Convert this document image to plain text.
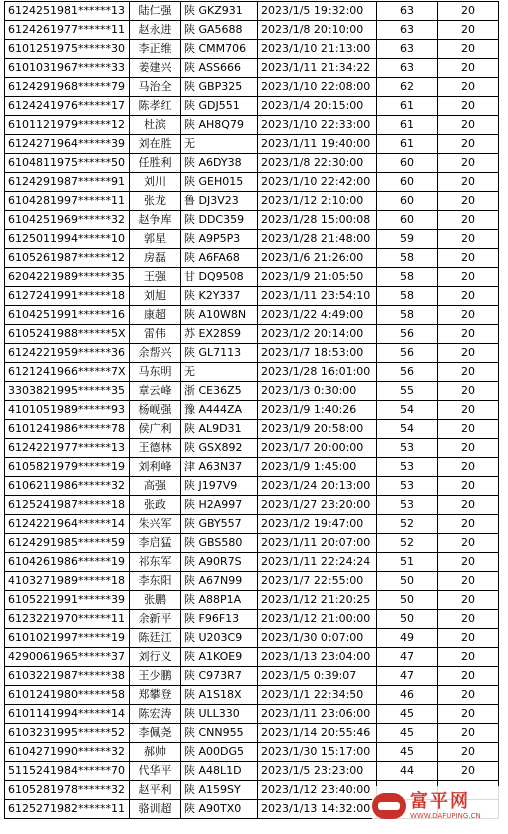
6124251981******13	陆仁强	陕 GKZ931	2023/1/5 19:32:00	63	20
6124261977******11	赵永进	陕 GA5688	2023/1/8 20:10:00	63	20
6101251975******30	李正维	陕 CMM706	2023/1/10 21:13:00	63	20
6101031967******33	姜建兴	陕 ASS666	2023/1/11 21:34:22	63	20
6124291968******79	马治全	陕 GBP325	2023/1/10 22:08:00	62	20
6124241976******17	陈孝红	陕 GDJ551	2023/1/4 20:15:00	61	20
6101121979******12	杜滨	陕 AH8Q79	2023/1/10 22:33:00	61	20
6124271964******39	刘在胜	无	2023/1/11 19:40:00	61	20
6104811975******50	任胜利	陕 A6DY38	2023/1/8 22:30:00	60	20
6124291987******91	刘川	陕 GEH015	2023/1/10 22:42:00	60	20
6104281997******11	张龙	鲁 DJ3V23	2023/1/12 2:10:00	60	20
6104251969******32	赵争库	陕 DDC359	2023/1/28 15:00:08	60	20
6125011994******10	郭星	陕 A9P5P3	2023/1/28 21:48:00	59	20
6105261987******12	房磊	陕 A6FA68	2023/1/6 21:26:00	58	20
6204221989******35	王强	甘 DQ9508	2023/1/9 21:05:50	58	20
6127241991******18	刘旭	陕 K2Y337	2023/1/11 23:54:10	58	20
6104251991******16	康超	陕 A10W8N	2023/1/22 4:49:00	58	20
6105241988******5X	雷伟	苏 EX28S9	2023/1/2 20:14:00	56	20
6124221959******36	余帮兴	陕 GL7113	2023/1/7 18:53:00	56	20
6121241966******7X	马东明	无	2023/1/28 16:01:00	56	20
3303821995******35	章云峰	浙 CE36Z5	2023/1/3 0:30:00	55	20
4101051989******93	杨岘强	豫 A444ZA	2023/1/9 1:40:26	54	20
6101241986******78	侯广利	陕 AL9D31	2023/1/9 20:58:00	54	20
6124221977******13	王德林	陕 GSX892	2023/1/7 20:00:00	53	20
6105821979******19	刘利峰	津 A63N37	2023/1/9 1:45:00	53	20
6106211986******32	高强	陕 J197V9	2023/1/24 20:13:00	53	20
6125241987******18	张政	陕 H2A997	2023/1/27 23:20:00	53	20
6124221964******14	朱兴军	陕 GBY557	2023/1/2 19:47:00	52	20
6124291985******59	李启猛	陕 GBS580	2023/1/11 20:07:00	52	20
6104261986******19	祁东军	陕 A90R7S	2023/1/11 22:24:24	51	20
4103271989******18	李东阳	陕 A67N99	2023/1/7 22:55:00	50	20
6105221991******39	张鹏	陕 A88P1A	2023/1/12 21:20:25	50	20
6123221970******11	余新平	陕 F96F13	2023/1/12 21:00:00	50	20
6101021997******19	陈廷江	陕 U203C9	2023/1/30 0:07:00	49	20
4290061965******37	刘行义	陕 A1KOE9	2023/1/13 23:04:00	47	20
6103221987******38	王少鹏	陕 C973R7	2023/1/5 0:39:07	47	20
6101241980******58	郑攀登	陕 A1S18X	2023/1/1 22:34:50	46	20
6101141994******14	陈宏涛	陕 ULL330	2023/1/11 23:06:00	45	20
6103231995******52	李佩尧	陕 CNN955	2023/1/14 20:55:46	45	20
6104271990******32	郝帅	陕 A00DG5	2023/1/30 15:17:00	45	20
5115241984******70	代华平	陕 A48L1D	2023/1/5 23:23:00	44	20
6105281978******32	赵平利	陕 A159SY	2023/1/12 23:40:00		
6125271982******11	骆训超	陕 A90TX0	2023/1/13 14:32:00		富平网
WWW.DAFUPING.CN
